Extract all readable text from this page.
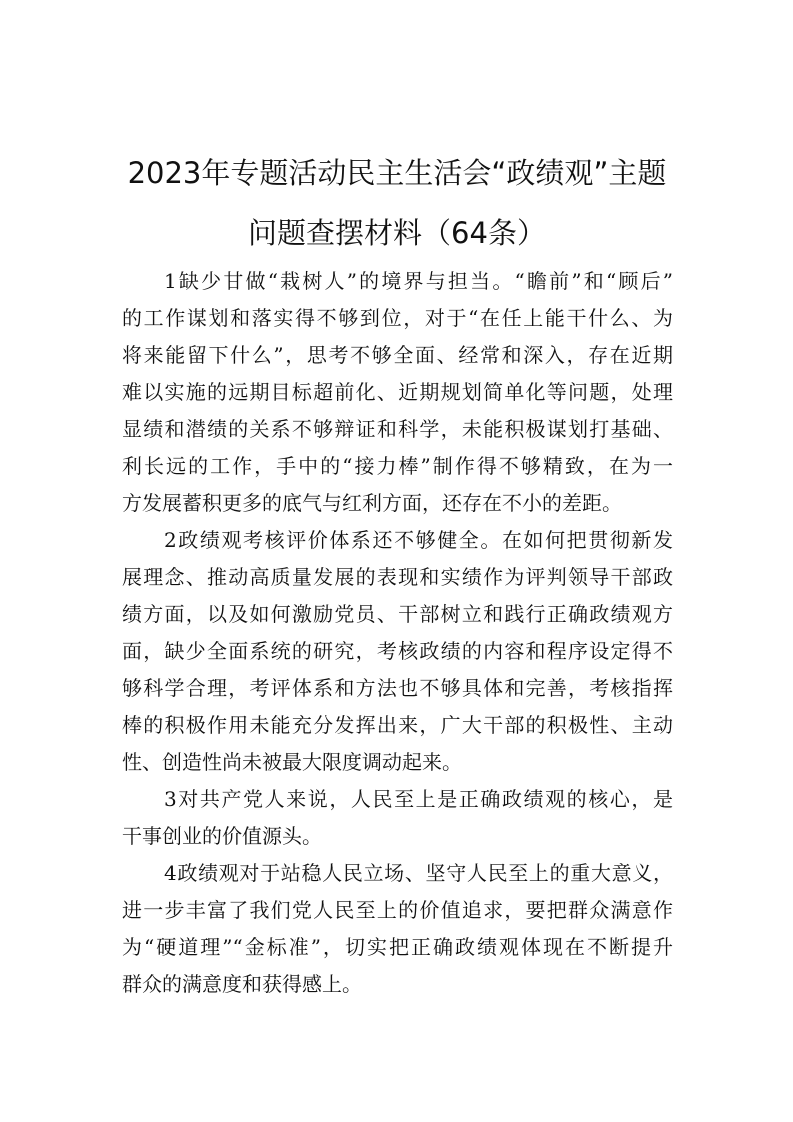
2023年专题活动民主生活会“政绩观”主题
问题查摆材料（64条）
1缺少甘做“栽树人”的境界与担当。“瞻前”和“顾后”
的工作谋划和落实得不够到位，对于“在任上能干什么、为
将来能留下什么”，思考不够全面、经常和深入，存在近期
难以实施的远期目标超前化、近期规划简单化等问题，处理
显绩和潜绩的关系不够辩证和科学，未能积极谋划打基础、
利长远的工作，手中的“接力棒”制作得不够精致，在为一
方发展蓄积更多的底气与红利方面，还存在不小的差距。
2政绩观考核评价体系还不够健全。在如何把贯彻新发
展理念、推动高质量发展的表现和实绩作为评判领导干部政
绩方面，以及如何激励党员、干部树立和践行正确政绩观方
面，缺少全面系统的研究，考核政绩的内容和程序设定得不
够科学合理，考评体系和方法也不够具体和完善，考核指挥
棒的积极作用未能充分发挥出来，广大干部的积极性、主动
性、创造性尚未被最大限度调动起来。
3对共产党人来说，人民至上是正确政绩观的核心，是
干事创业的价值源头。
4政绩观对于站稳人民立场、坚守人民至上的重大意义，
进一步丰富了我们党人民至上的价值追求，要把群众满意作
为“硬道理”“金标准”，切实把正确政绩观体现在不断提升
群众的满意度和获得感上。
